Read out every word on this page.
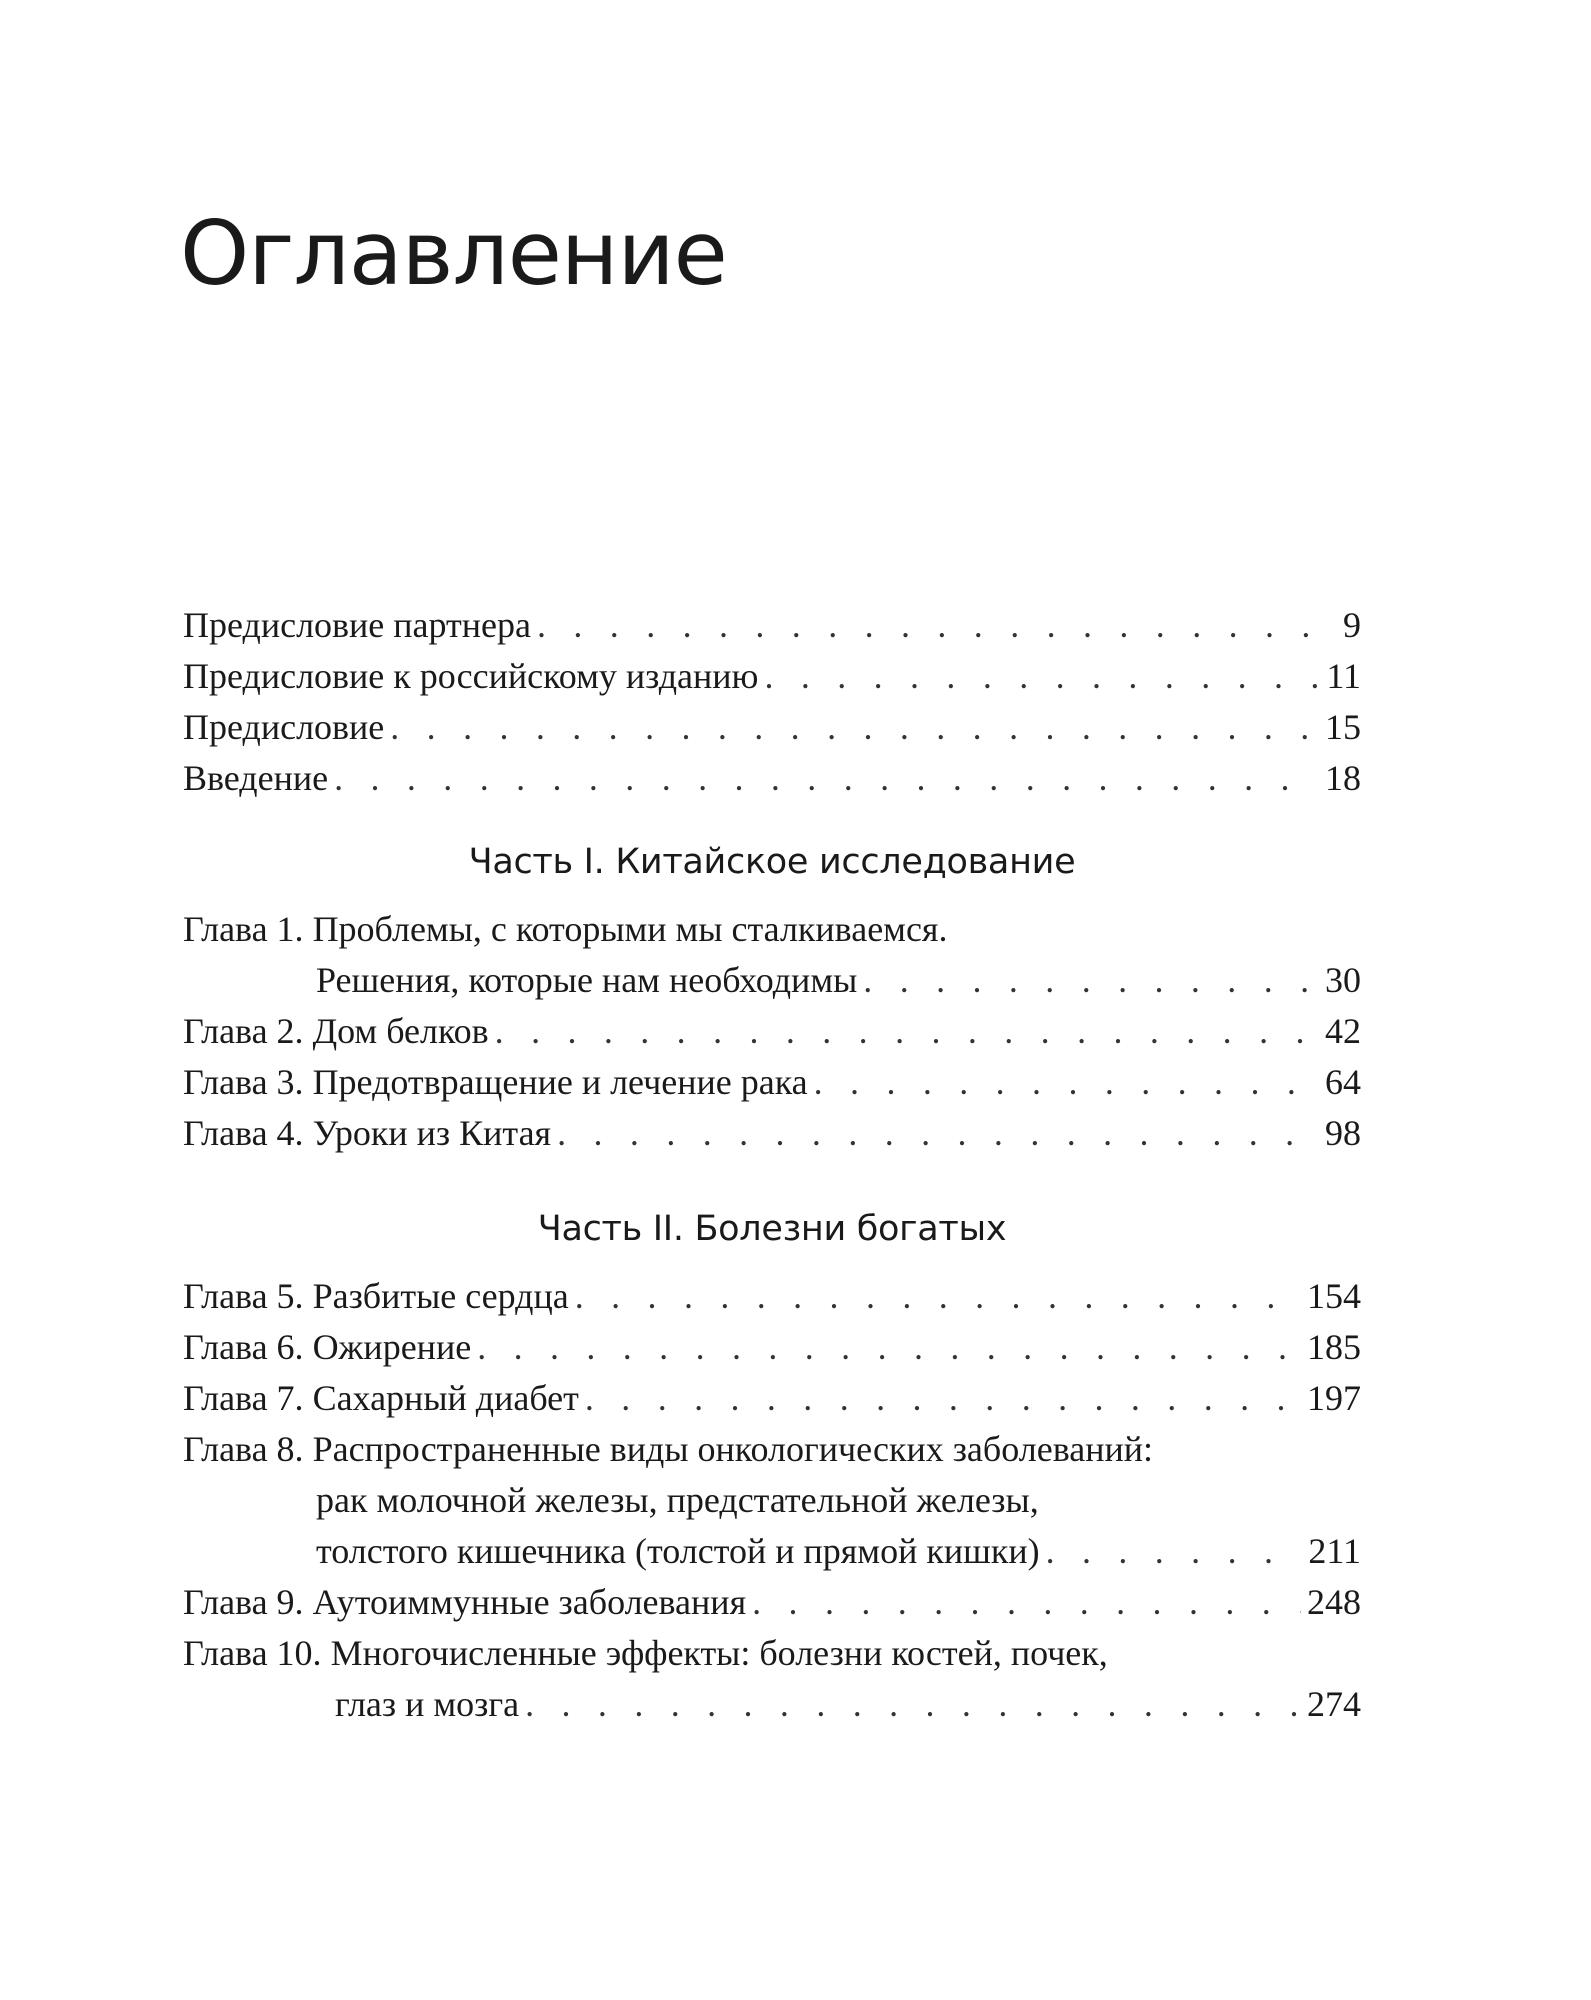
Оглавление
Предисловие партнера . . .	9
Предисловие к российскому изданию . . .	11
Предисловие . . .	15
Введение . . .	18
Часть I. Китайское исследование
Глава 1. Проблемы, с которыми мы сталкиваемся.
Решения, которые нам необходимы . . .	30
Глава 2. Дом белков . . .	42
Глава 3. Предотвращение и лечение рака . . .	64
Глава 4. Уроки из Китая . . .	98
Часть II. Болезни богатых
Глава 5. Разбитые сердца . . .	154
Глава 6. Ожирение . . .	185
Глава 7. Сахарный диабет . . .	197
Глава 8. Распространенные виды онкологических заболеваний:
рак молочной железы, предстательной железы,
толстого кишечника (толстой и прямой кишки) . . .	211
Глава 9. Аутоиммунные заболевания . . .	248
Глава 10. Многочисленные эффекты: болезни костей, почек,
глаз и мозга . . .	274
